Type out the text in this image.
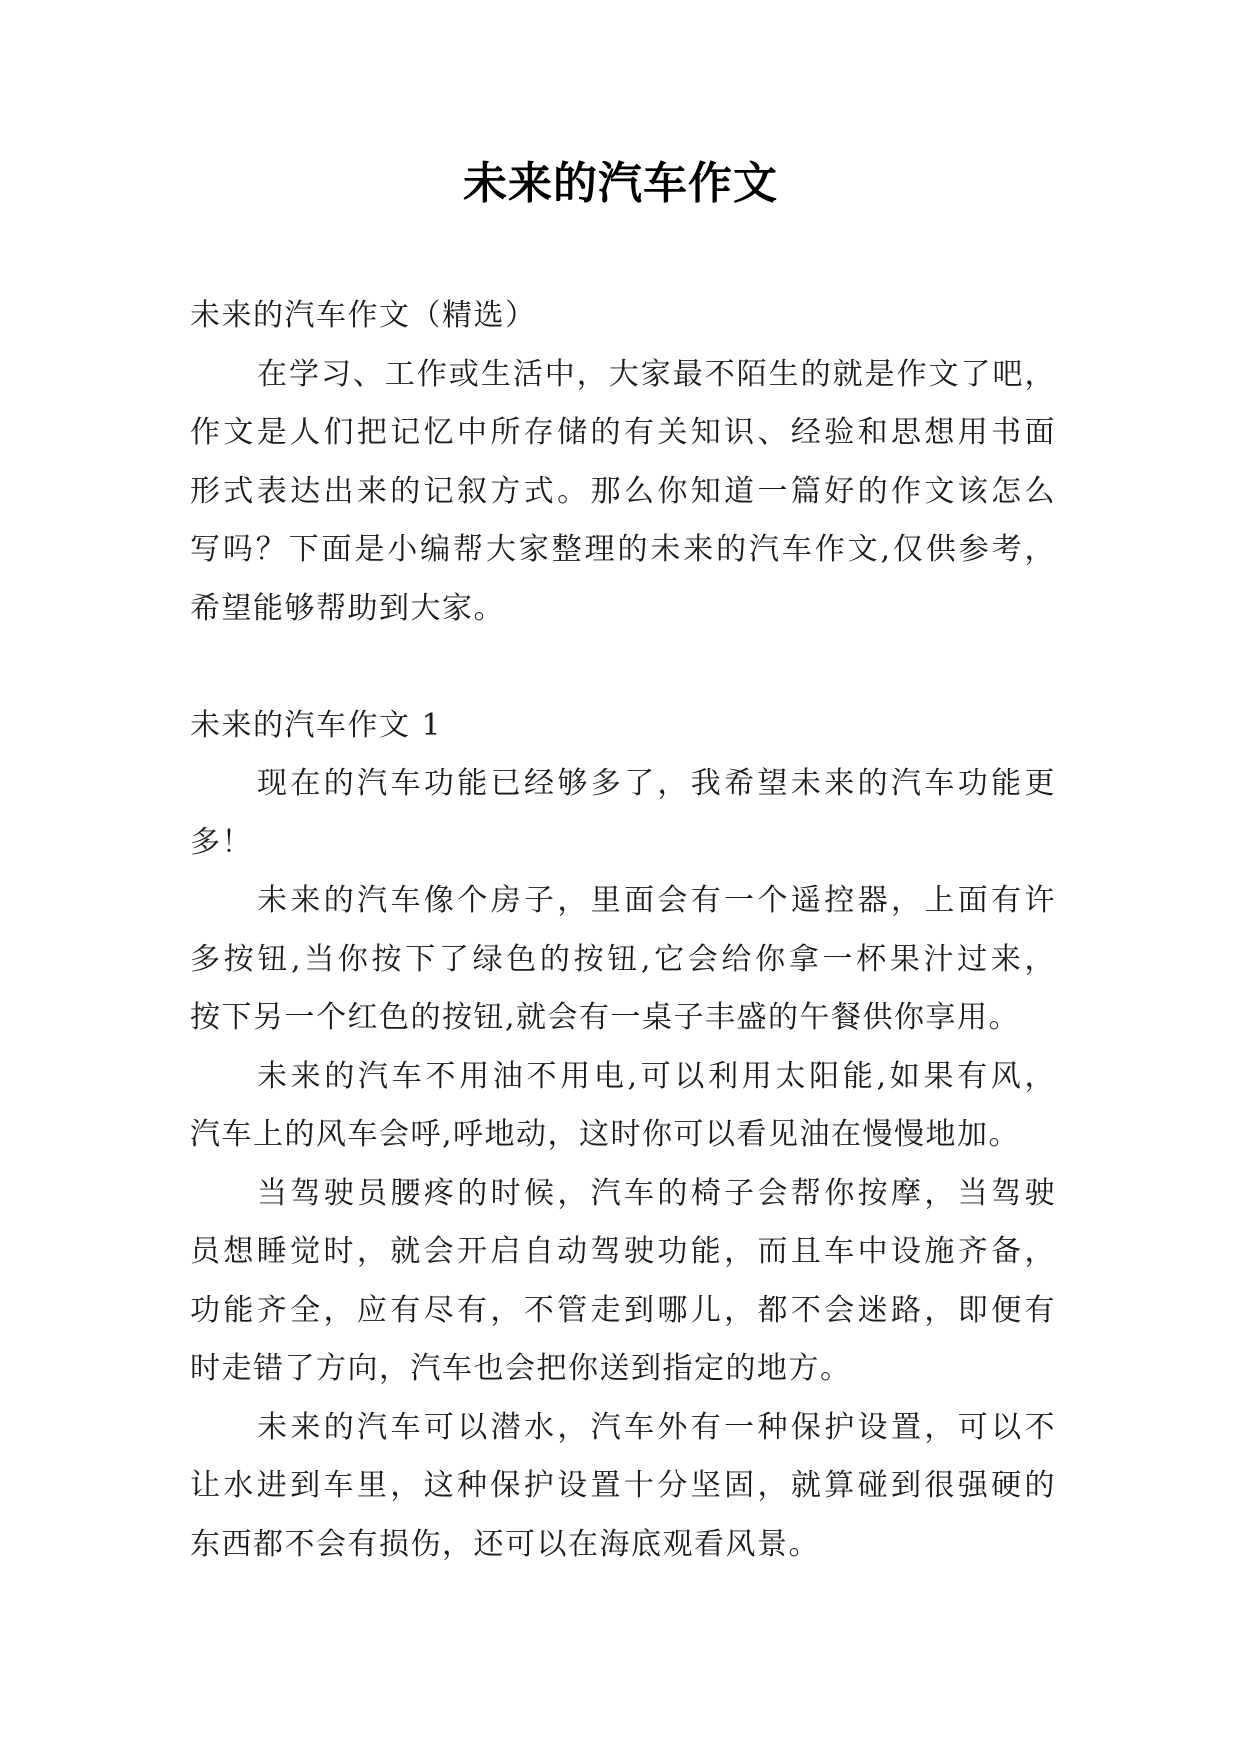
未来的汽车作文
未来的汽车作文（精选）
在学习、工作或生活中，大家最不陌生的就是作文了吧，
作文是人们把记忆中所存储的有关知识、经验和思想用书面
形式表达出来的记叙方式。那么你知道一篇好的作文该怎么
写吗？下面是小编帮大家整理的未来的汽车作文,仅供参考，
希望能够帮助到大家。
未来的汽车作文 1
现在的汽车功能已经够多了，我希望未来的汽车功能更
多！
未来的汽车像个房子，里面会有一个遥控器，上面有许
多按钮,当你按下了绿色的按钮,它会给你拿一杯果汁过来，
按下另一个红色的按钮,就会有一桌子丰盛的午餐供你享用。
未来的汽车不用油不用电,可以利用太阳能,如果有风，
汽车上的风车会呼,呼地动，这时你可以看见油在慢慢地加。
当驾驶员腰疼的时候，汽车的椅子会帮你按摩，当驾驶
员想睡觉时，就会开启自动驾驶功能，而且车中设施齐备，
功能齐全，应有尽有，不管走到哪儿，都不会迷路，即便有
时走错了方向，汽车也会把你送到指定的地方。
未来的汽车可以潜水，汽车外有一种保护设置，可以不
让水进到车里，这种保护设置十分坚固，就算碰到很强硬的
东西都不会有损伤，还可以在海底观看风景。
